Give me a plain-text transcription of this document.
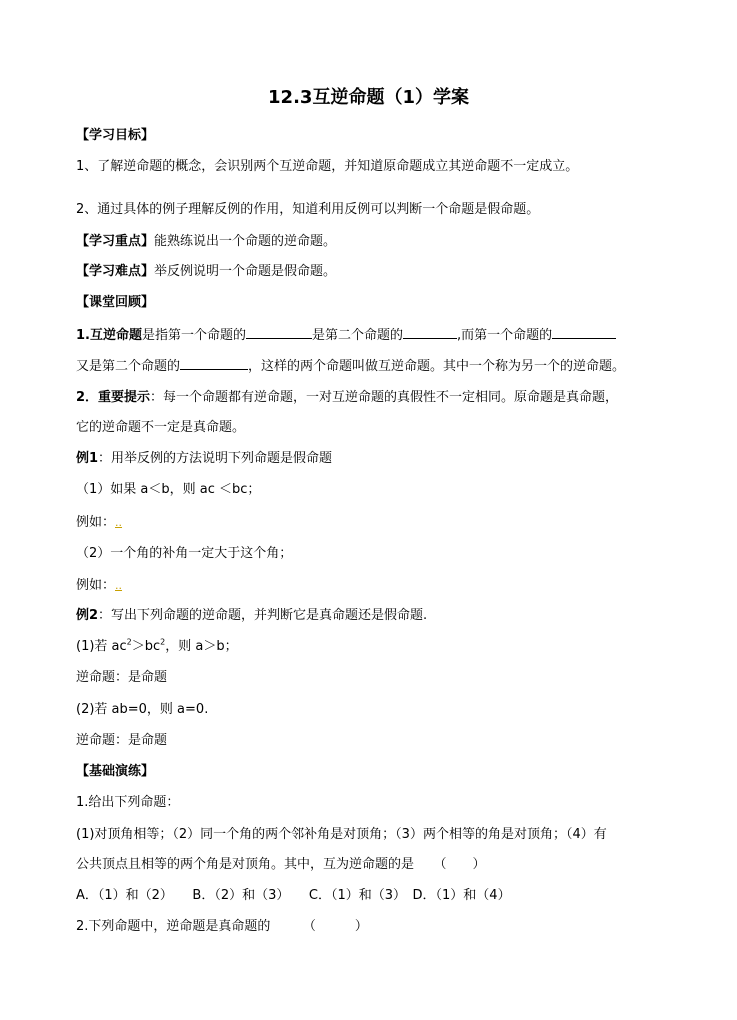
12.3互逆命题（1）学案
【学习目标】
1、了解逆命题的概念，会识别两个互逆命题，并知道原命题成立其逆命题不一定成立。
2、通过具体的例子理解反例的作用，知道利用反例可以判断一个命题是假命题。
【学习重点】能熟练说出一个命题的逆命题。
【学习难点】举反例说明一个命题是假命题。
【课堂回顾】
1.互逆命题是指第一个命题的	是第二个命题的	,而第一个命题的
又是第二个命题的	，这样的两个命题叫做互逆命题。其中一个称为另一个的逆命题。
2．重要提示：每一个命题都有逆命题，一对互逆命题的真假性不一定相同。原命题是真命题，
它的逆命题不一定是真命题。
例1：用举反例的方法说明下列命题是假命题
（1）如果 a＜b，则 ac ＜bc；
例如：..
（2）一个角的补角一定大于这个角；
例如：..
例2：写出下列命题的逆命题，并判断它是真命题还是假命题.
(1)若 $ac^2>bc^2$，则 a＞b；
逆命题：是命题
(2)若 ab=0，则 a=0.
逆命题：是命题
【基础演练】
1.给出下列命题：
(1)对顶角相等；（2）同一个角的两个邻补角是对顶角；（3）两个相等的角是对顶角；（4）有
公共顶点且相等的两个角是对顶角。其中，互为逆命题的是　　（　　）
A．（1）和（2）　　B．（2）和（3）　　C．（1）和（3）　D．（1）和（4）
2.下列命题中，逆命题是真命题的　　　（　　　）
